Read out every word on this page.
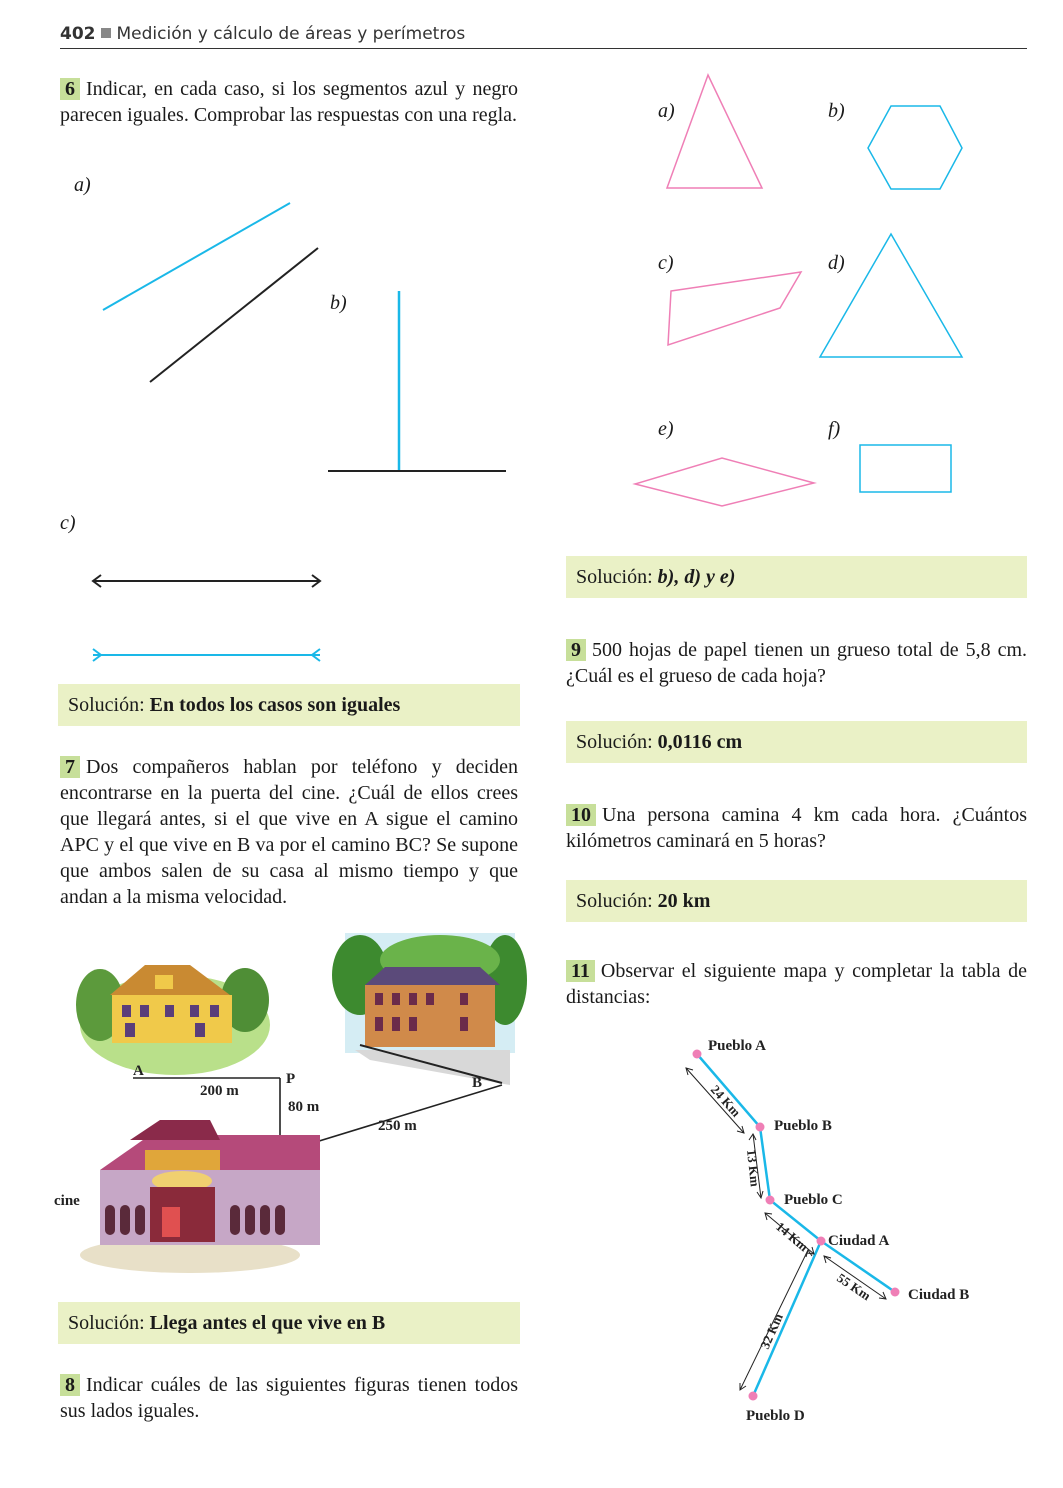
402 Medición y cálculo de áreas y perímetros
6 Indicar, en cada caso, si los segmentos azul y negro parecen iguales. Comprobar las respuestas con una regla.
a)
b)
c)
Solución: En todos los casos son iguales
7 Dos compañeros hablan por teléfono y deciden encontrarse en la puerta del cine. ¿Cuál de ellos crees que llegará antes, si el que vive en A sigue el camino APC y el que vive en B va por el camino BC? Se supone que ambos salen de su casa al mismo tiempo y que andan a la misma velocidad.
A	P	B
200 m
80 m
250 m
cine
Solución: Llega antes el que vive en B
8 Indicar cuáles de las siguientes figuras tienen todos sus lados iguales.
a)	b)
c)	d)
e)	f)
Solución: b), d) y e)
9 500 hojas de papel tienen un grueso total de 5,8 cm. ¿Cuál es el grueso de cada hoja?
Solución: 0,0116 cm
10 Una persona camina 4 km cada hora. ¿Cuántos kilómetros caminará en 5 horas?
Solución: 20 km
11 Observar el siguiente mapa y completar la tabla de distancias:
Pueblo A
Pueblo B
Pueblo C
Ciudad A
Ciudad B
Pueblo D
24 Km
13 Km
14 Km
55 Km
32 Km
